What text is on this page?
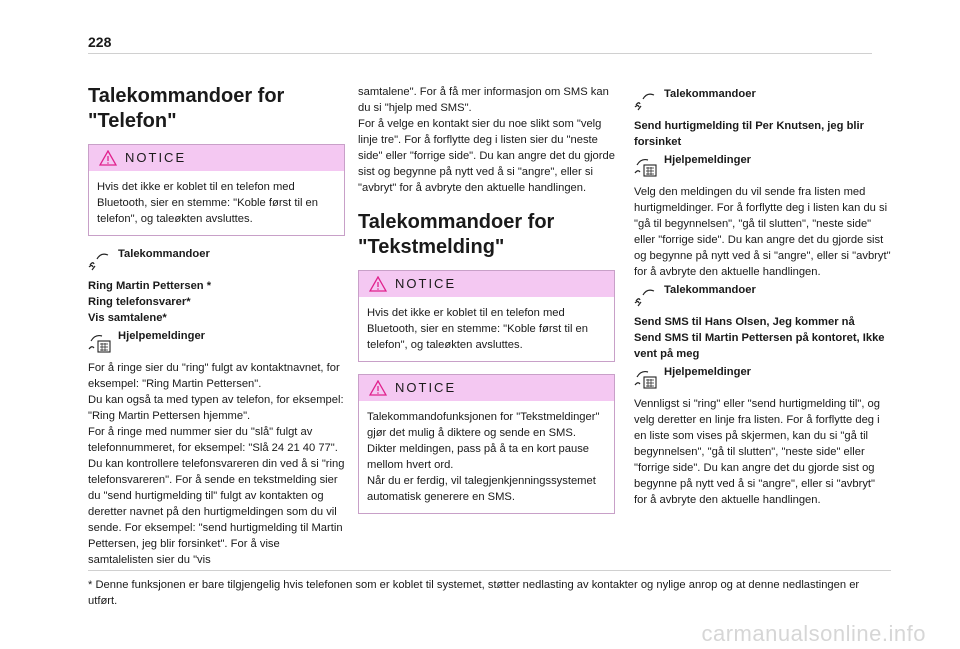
228
Talekommandoer for "Telefon"
NOTICE
Hvis det ikke er koblet til en telefon med Bluetooth, sier en stemme: "Koble først til en telefon", og taleøkten avsluttes.
Talekommandoer
Ring Martin Pettersen *
Ring telefonsvarer*
Vis samtalene*
Hjelpemeldinger
For å ringe sier du "ring" fulgt av kontaktnavnet, for eksempel: "Ring Martin Pettersen".
Du kan også ta med typen av telefon, for eksempel: "Ring Martin Pettersen hjemme".
For å ringe med nummer sier du "slå" fulgt av telefonnummeret, for eksempel: "Slå 24 21 40 77". Du kan kontrollere telefonsvareren din ved å si "ring telefonsvareren". For å sende en tekstmelding sier du "send hurtigmelding til" fulgt av kontakten og deretter navnet på den hurtigmeldingen som du vil sende. For eksempel: "send hurtigmelding til Martin Pettersen, jeg blir forsinket". For å vise samtalelisten sier du "vis
samtalene". For å få mer informasjon om SMS kan du si "hjelp med SMS".
For å velge en kontakt sier du noe slikt som "velg linje tre". For å forflytte deg i listen sier du "neste side" eller "forrige side". Du kan angre det du gjorde sist og begynne på nytt ved å si "angre", eller si "avbryt" for å avbryte den aktuelle handlingen.
Talekommandoer for "Tekstmelding"
NOTICE
Hvis det ikke er koblet til en telefon med Bluetooth, sier en stemme: "Koble først til en telefon", og taleøkten avsluttes.
NOTICE
Talekommandofunksjonen for "Tekstmeldinger" gjør det mulig å diktere og sende en SMS.
Dikter meldingen, pass på å ta en kort pause mellom hvert ord.
Når du er ferdig, vil talegjenkjenningssystemet automatisk generere en SMS.
Talekommandoer
Send hurtigmelding til Per Knutsen, jeg blir forsinket
Hjelpemeldinger
Velg den meldingen du vil sende fra listen med hurtigmeldinger. For å forflytte deg i listen kan du si "gå til begynnelsen", "gå til slutten", "neste side" eller "forrige side". Du kan angre det du gjorde sist og begynne på nytt ved å si "angre", eller si "avbryt" for å avbryte den aktuelle handlingen.
Talekommandoer
Send SMS til Hans Olsen, Jeg kommer nå
Send SMS til Martin Pettersen på kontoret, Ikke vent på meg
Hjelpemeldinger
Vennligst si "ring" eller "send hurtigmelding til", og velg deretter en linje fra listen. For å forflytte deg i en liste som vises på skjermen, kan du si "gå til begynnelsen", "gå til slutten", "neste side" eller "forrige side". Du kan angre det du gjorde sist og begynne på nytt ved å si "angre", eller si "avbryt" for å avbryte den aktuelle handlingen.
* Denne funksjonen er bare tilgjengelig hvis telefonen som er koblet til systemet, støtter nedlasting av kontakter og nylige anrop og at denne nedlastingen er utført.
carmanualsonline.info
